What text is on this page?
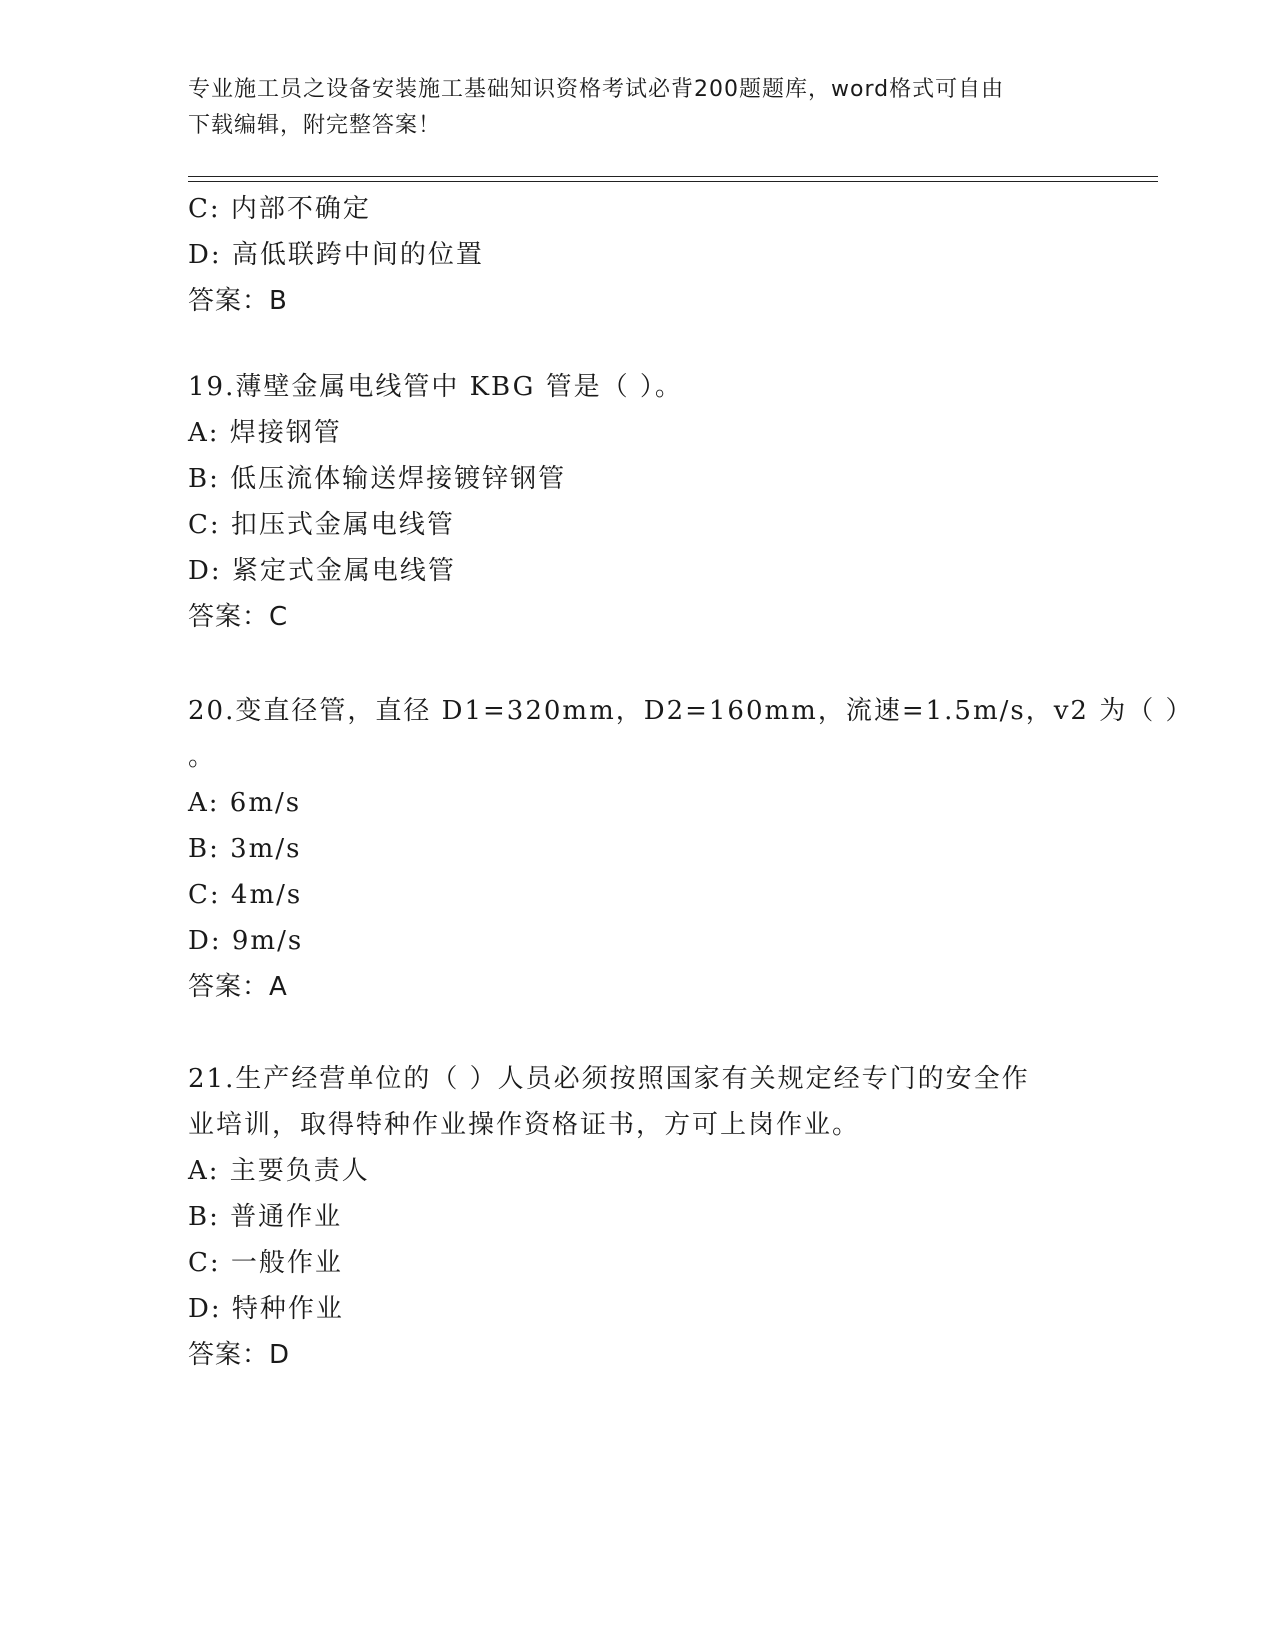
专业施工员之设备安装施工基础知识资格考试必背200题题库，word格式可自由
下载编辑，附完整答案！
C: 内部不确定
D: 高低联跨中间的位置
答案：B
19.薄壁金属电线管中 KBG 管是（ ）。
A: 焊接钢管
B: 低压流体输送焊接镀锌钢管
C: 扣压式金属电线管
D: 紧定式金属电线管
答案：C
20.变直径管，直径 D1=320mm，D2=160mm，流速=1.5m/s，v2 为（ ）
。
A: 6m/s
B: 3m/s
C: 4m/s
D: 9m/s
答案：A
21.生产经营单位的（ ）人员必须按照国家有关规定经专门的安全作
业培训，取得特种作业操作资格证书，方可上岗作业。
A: 主要负责人
B: 普通作业
C: 一般作业
D: 特种作业
答案：D
